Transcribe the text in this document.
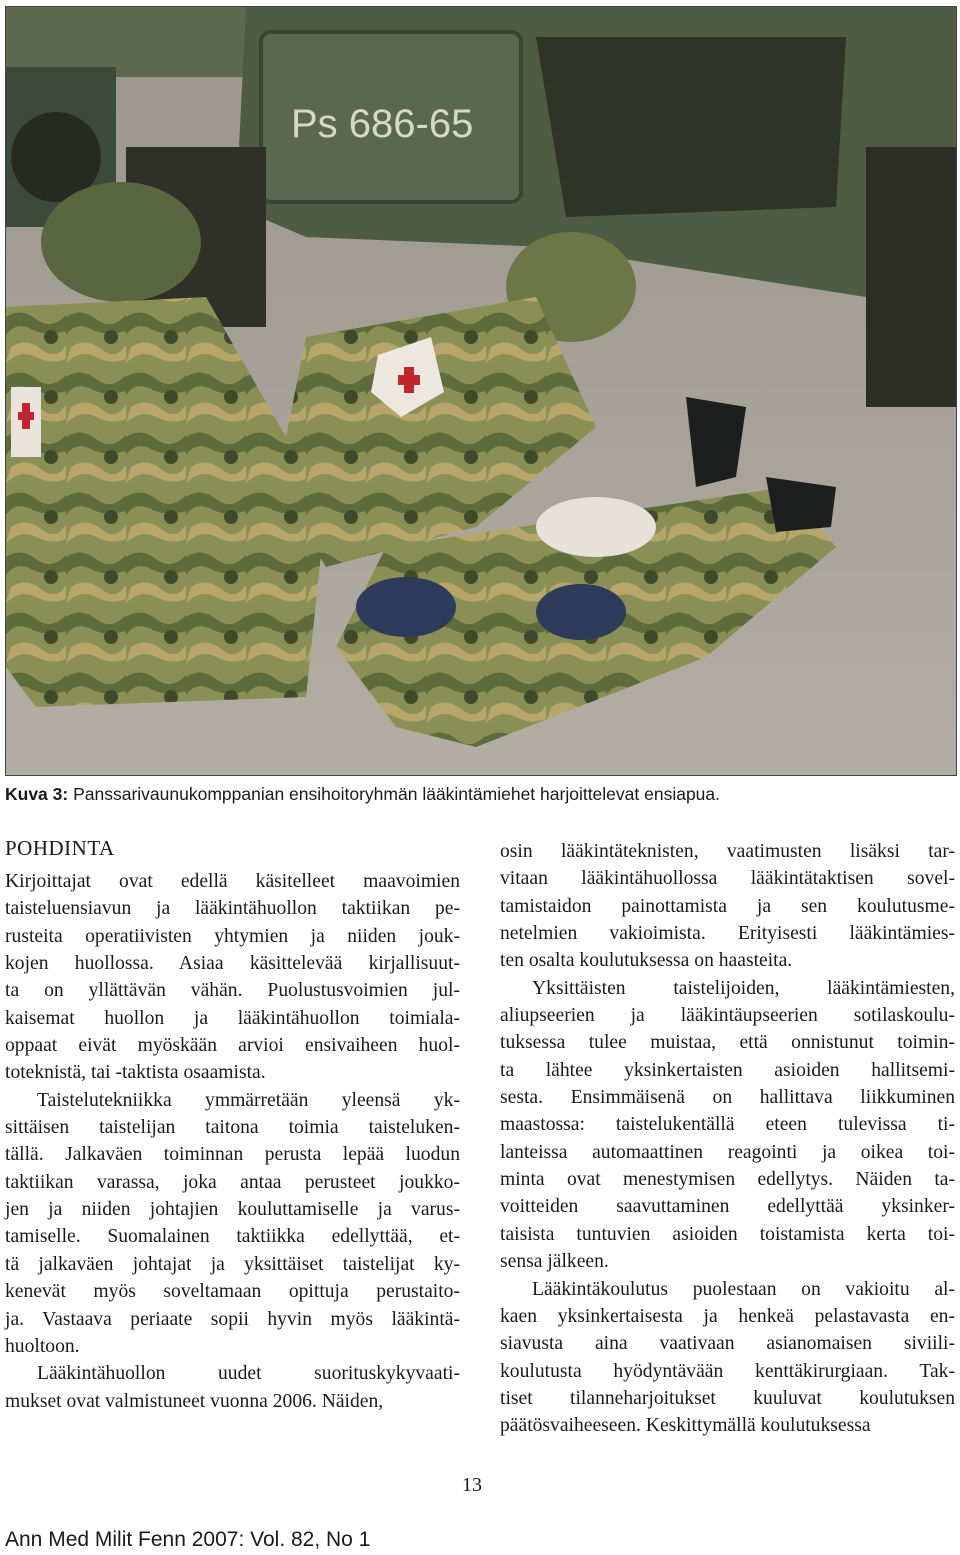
Ps 686-65
Kuva 3: Panssarivaunukomppanian ensihoitoryhmän lääkintämiehet harjoittelevat ensiapua.
POHDINTA
Kirjoittajat ovat edellä käsitelleet maavoimien
taisteluensiavun ja lääkintähuollon taktiikan pe-
rusteita operatiivisten yhtymien ja niiden jouk-
kojen huollossa. Asiaa käsittelevää kirjallisuut-
ta on yllättävän vähän. Puolustusvoimien jul-
kaisemat huollon ja lääkintähuollon toimiala-
oppaat eivät myöskään arvioi ensivaiheen huol-
toteknistä, tai -taktista osaamista.
Taistelutekniikka ymmärretään yleensä yk-
sittäisen taistelijan taitona toimia taisteluken-
tällä. Jalkaväen toiminnan perusta lepää luodun
taktiikan varassa, joka antaa perusteet joukko-
jen ja niiden johtajien kouluttamiselle ja varus-
tamiselle. Suomalainen taktiikka edellyttää, et-
tä jalkaväen johtajat ja yksittäiset taistelijat ky-
kenevät myös soveltamaan opittuja perustaito-
ja. Vastaava periaate sopii hyvin myös lääkintä-
huoltoon.
Lääkintähuollon uudet suorituskykyvaati-
mukset ovat valmistuneet vuonna 2006. Näiden,
osin lääkintäteknisten, vaatimusten lisäksi tar-
vitaan lääkintähuollossa lääkintätaktisen sovel-
tamistaidon painottamista ja sen koulutusme-
netelmien vakioimista. Erityisesti lääkintämies-
ten osalta koulutuksessa on haasteita.
Yksittäisten taistelijoiden, lääkintämiesten,
aliupseerien ja lääkintäupseerien sotilaskoulu-
tuksessa tulee muistaa, että onnistunut toimin-
ta lähtee yksinkertaisten asioiden hallitsemi-
sesta. Ensimmäisenä on hallittava liikkuminen
maastossa: taistelukentällä eteen tulevissa ti-
lanteissa automaattinen reagointi ja oikea toi-
minta ovat menestymisen edellytys. Näiden ta-
voitteiden saavuttaminen edellyttää yksinker-
taisista tuntuvien asioiden toistamista kerta toi-
sensa jälkeen.
Lääkintäkoulutus puolestaan on vakioitu al-
kaen yksinkertaisesta ja henkeä pelastavasta en-
siavusta aina vaativaan asianomaisen siviili-
koulutusta hyödyntävään kenttäkirurgiaan. Tak-
tiset tilanneharjoitukset kuuluvat koulutuksen
päätösvaiheeseen. Keskittymällä koulutuksessa
13
Ann Med Milit Fenn 2007: Vol. 82, No 1
